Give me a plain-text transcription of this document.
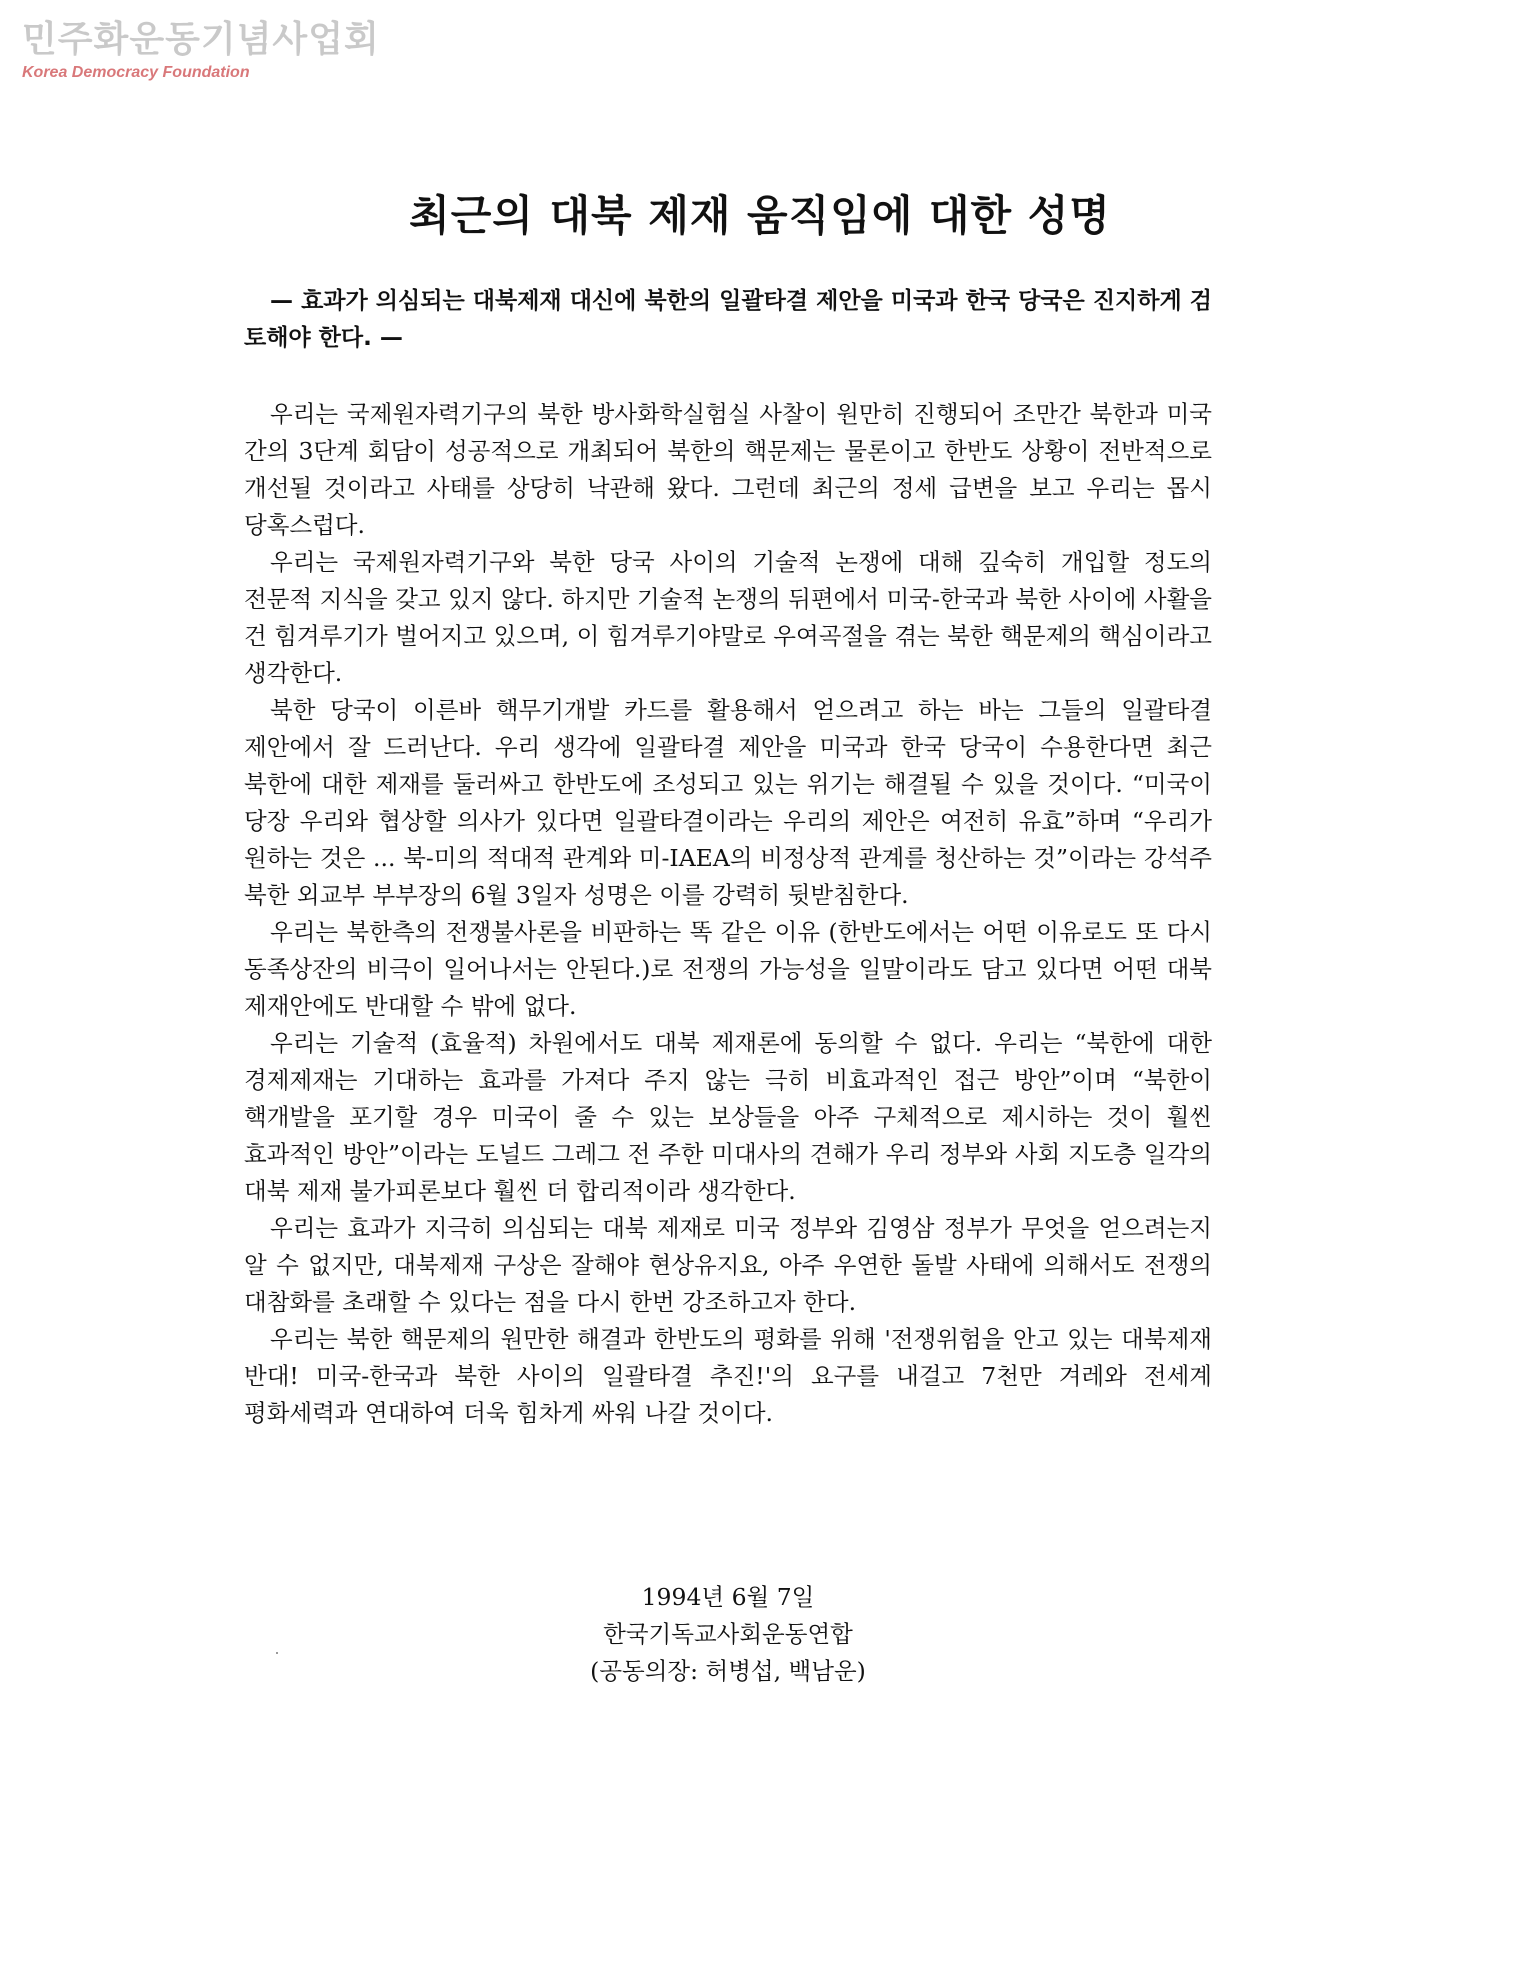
민주화운동기념사업회
Korea Democracy Foundation
최근의 대북 제재 움직임에 대한 성명

— 효과가 의심되는 대북제재 대신에 북한의 일괄타결 제안을 미국과 한국 당국은 진지하게 검토해야 한다. —

우리는 국제원자력기구의 북한 방사화학실험실 사찰이 원만히 진행되어 조만간 북한과 미국 간의 3단계 회담이 성공적으로 개최되어 북한의 핵문제는 물론이고 한반도 상황이 전반적으로 개선될 것이라고 사태를 상당히 낙관해 왔다. 그런데 최근의 정세 급변을 보고 우리는 몹시 당혹스럽다.

우리는 국제원자력기구와 북한 당국 사이의 기술적 논쟁에 대해 깊숙히 개입할 정도의 전문적 지식을 갖고 있지 않다. 하지만 기술적 논쟁의 뒤편에서 미국-한국과 북한 사이에 사활을 건 힘겨루기가 벌어지고 있으며, 이 힘겨루기야말로 우여곡절을 겪는 북한 핵문제의 핵심이라고 생각한다.

북한 당국이 이른바 핵무기개발 카드를 활용해서 얻으려고 하는 바는 그들의 일괄타결 제안에서 잘 드러난다. 우리 생각에 일괄타결 제안을 미국과 한국 당국이 수용한다면 최근 북한에 대한 제재를 둘러싸고 한반도에 조성되고 있는 위기는 해결될 수 있을 것이다. “미국이 당장 우리와 협상할 의사가 있다면 일괄타결이라는 우리의 제안은 여전히 유효”하며 “우리가 원하는 것은 ... 북-미의 적대적 관계와 미-IAEA의 비정상적 관계를 청산하는 것”이라는 강석주 북한 외교부 부부장의 6월 3일자 성명은 이를 강력히 뒷받침한다.

우리는 북한측의 전쟁불사론을 비판하는 똑 같은 이유 (한반도에서는 어떤 이유로도 또 다시 동족상잔의 비극이 일어나서는 안된다.)로 전쟁의 가능성을 일말이라도 담고 있다면 어떤 대북 제재안에도 반대할 수 밖에 없다.

우리는 기술적 (효율적) 차원에서도 대북 제재론에 동의할 수 없다. 우리는 “북한에 대한 경제제재는 기대하는 효과를 가져다 주지 않는 극히 비효과적인 접근 방안”이며 “북한이 핵개발을 포기할 경우 미국이 줄 수 있는 보상들을 아주 구체적으로 제시하는 것이 훨씬 효과적인 방안”이라는 도널드 그레그 전 주한 미대사의 견해가 우리 정부와 사회 지도층 일각의 대북 제재 불가피론보다 훨씬 더 합리적이라 생각한다.

우리는 효과가 지극히 의심되는 대북 제재로 미국 정부와 김영삼 정부가 무엇을 얻으려는지 알 수 없지만, 대북제재 구상은 잘해야 현상유지요, 아주 우연한 돌발 사태에 의해서도 전쟁의 대참화를 초래할 수 있다는 점을 다시 한번 강조하고자 한다.

우리는 북한 핵문제의 원만한 해결과 한반도의 평화를 위해 '전쟁위험을 안고 있는 대북제재 반대! 미국-한국과 북한 사이의 일괄타결 추진!'의 요구를 내걸고 7천만 겨레와 전세계 평화세력과 연대하여 더욱 힘차게 싸워 나갈 것이다.

1994년 6월 7일
한국기독교사회운동연합
(공동의장: 허병섭, 백남운)
